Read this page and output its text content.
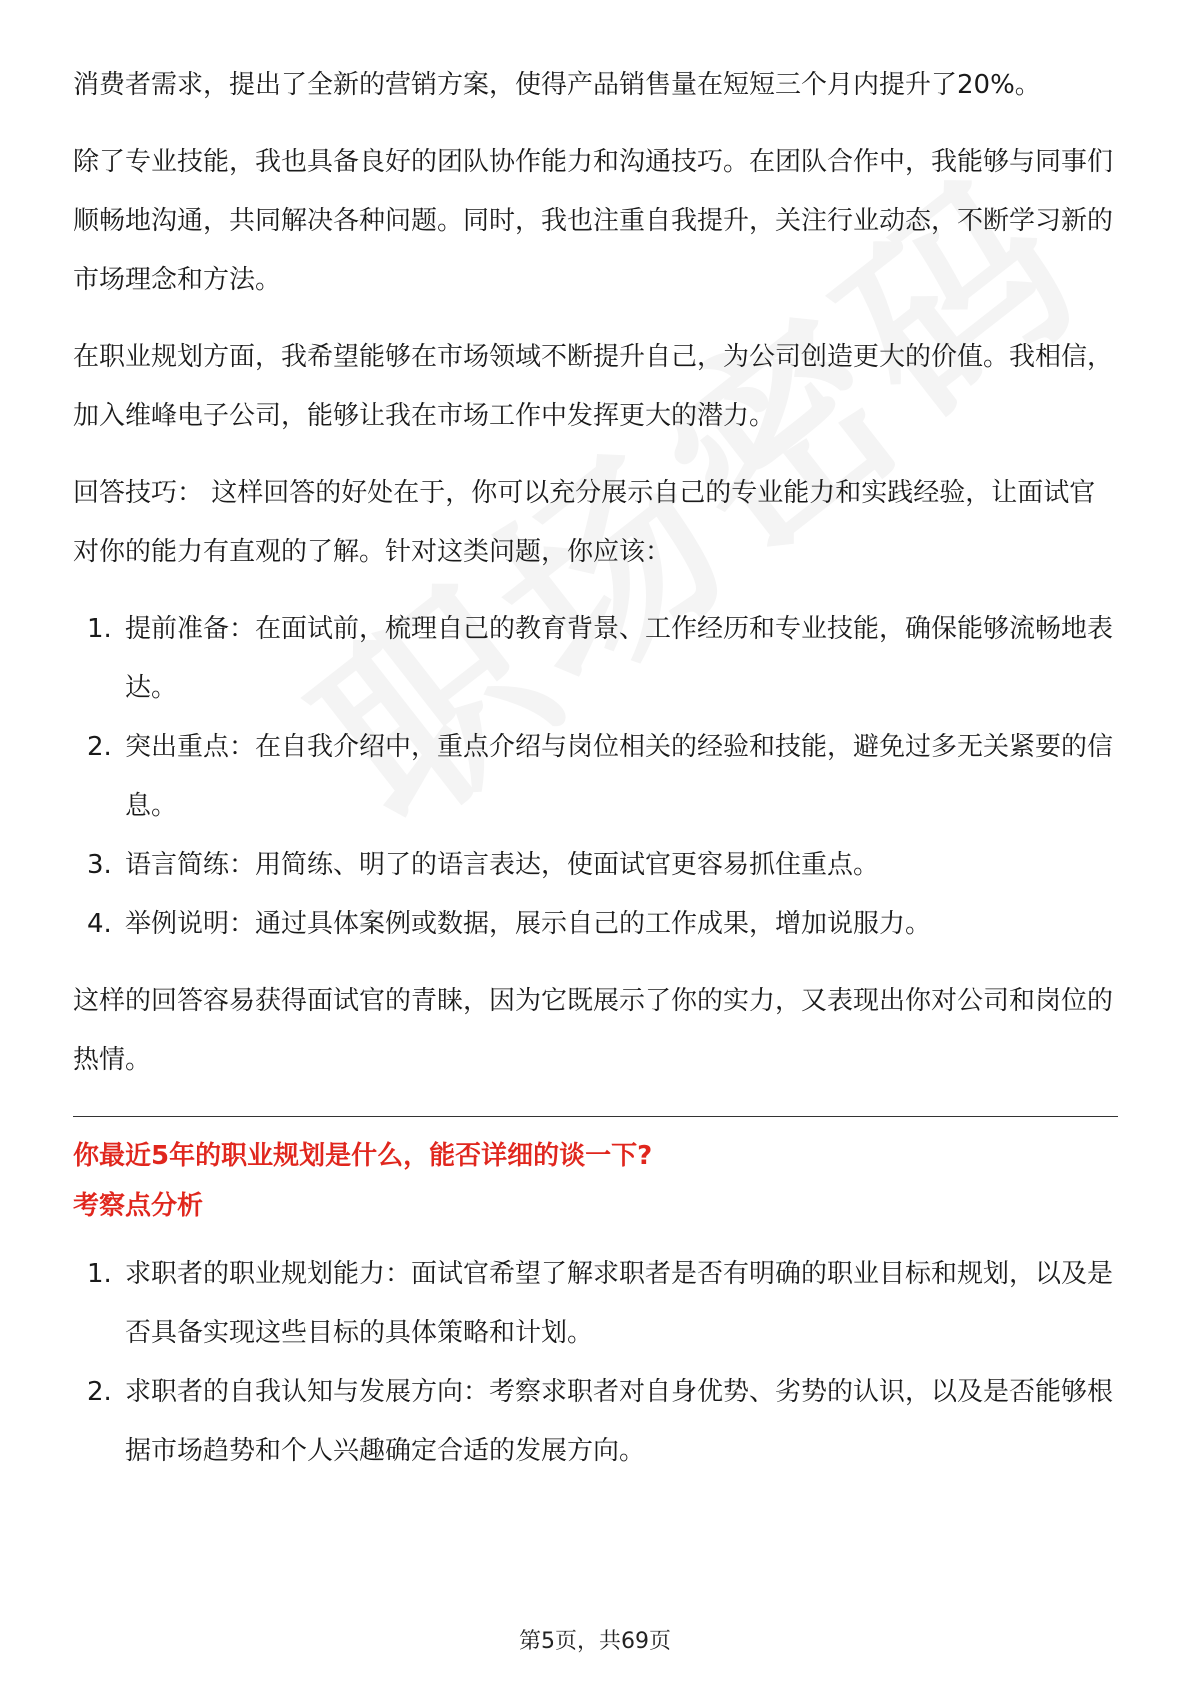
消费者需求，提出了全新的营销方案，使得产品销售量在短短三个月内提升了20%。

除了专业技能，我也具备良好的团队协作能力和沟通技巧。在团队合作中，我能够与同事们顺畅地沟通，共同解决各种问题。同时，我也注重自我提升，关注行业动态，不断学习新的市场理念和方法。

在职业规划方面，我希望能够在市场领域不断提升自己，为公司创造更大的价值。我相信，加入维峰电子公司，能够让我在市场工作中发挥更大的潜力。

回答技巧： 这样回答的好处在于，你可以充分展示自己的专业能力和实践经验，让面试官对你的能力有直观的了解。针对这类问题，你应该：

1. 提前准备：在面试前，梳理自己的教育背景、工作经历和专业技能，确保能够流畅地表达。
2. 突出重点：在自我介绍中，重点介绍与岗位相关的经验和技能，避免过多无关紧要的信息。
3. 语言简练：用简练、明了的语言表达，使面试官更容易抓住重点。
4. 举例说明：通过具体案例或数据，展示自己的工作成果，增加说服力。

这样的回答容易获得面试官的青睐，因为它既展示了你的实力，又表现出你对公司和岗位的热情。

你最近5年的职业规划是什么，能否详细的谈一下?

考察点分析

1. 求职者的职业规划能力：面试官希望了解求职者是否有明确的职业目标和规划，以及是否具备实现这些目标的具体策略和计划。
2. 求职者的自我认知与发展方向：考察求职者对自身优势、劣势的认识，以及是否能够根据市场趋势和个人兴趣确定合适的发展方向。
第5页，共69页
